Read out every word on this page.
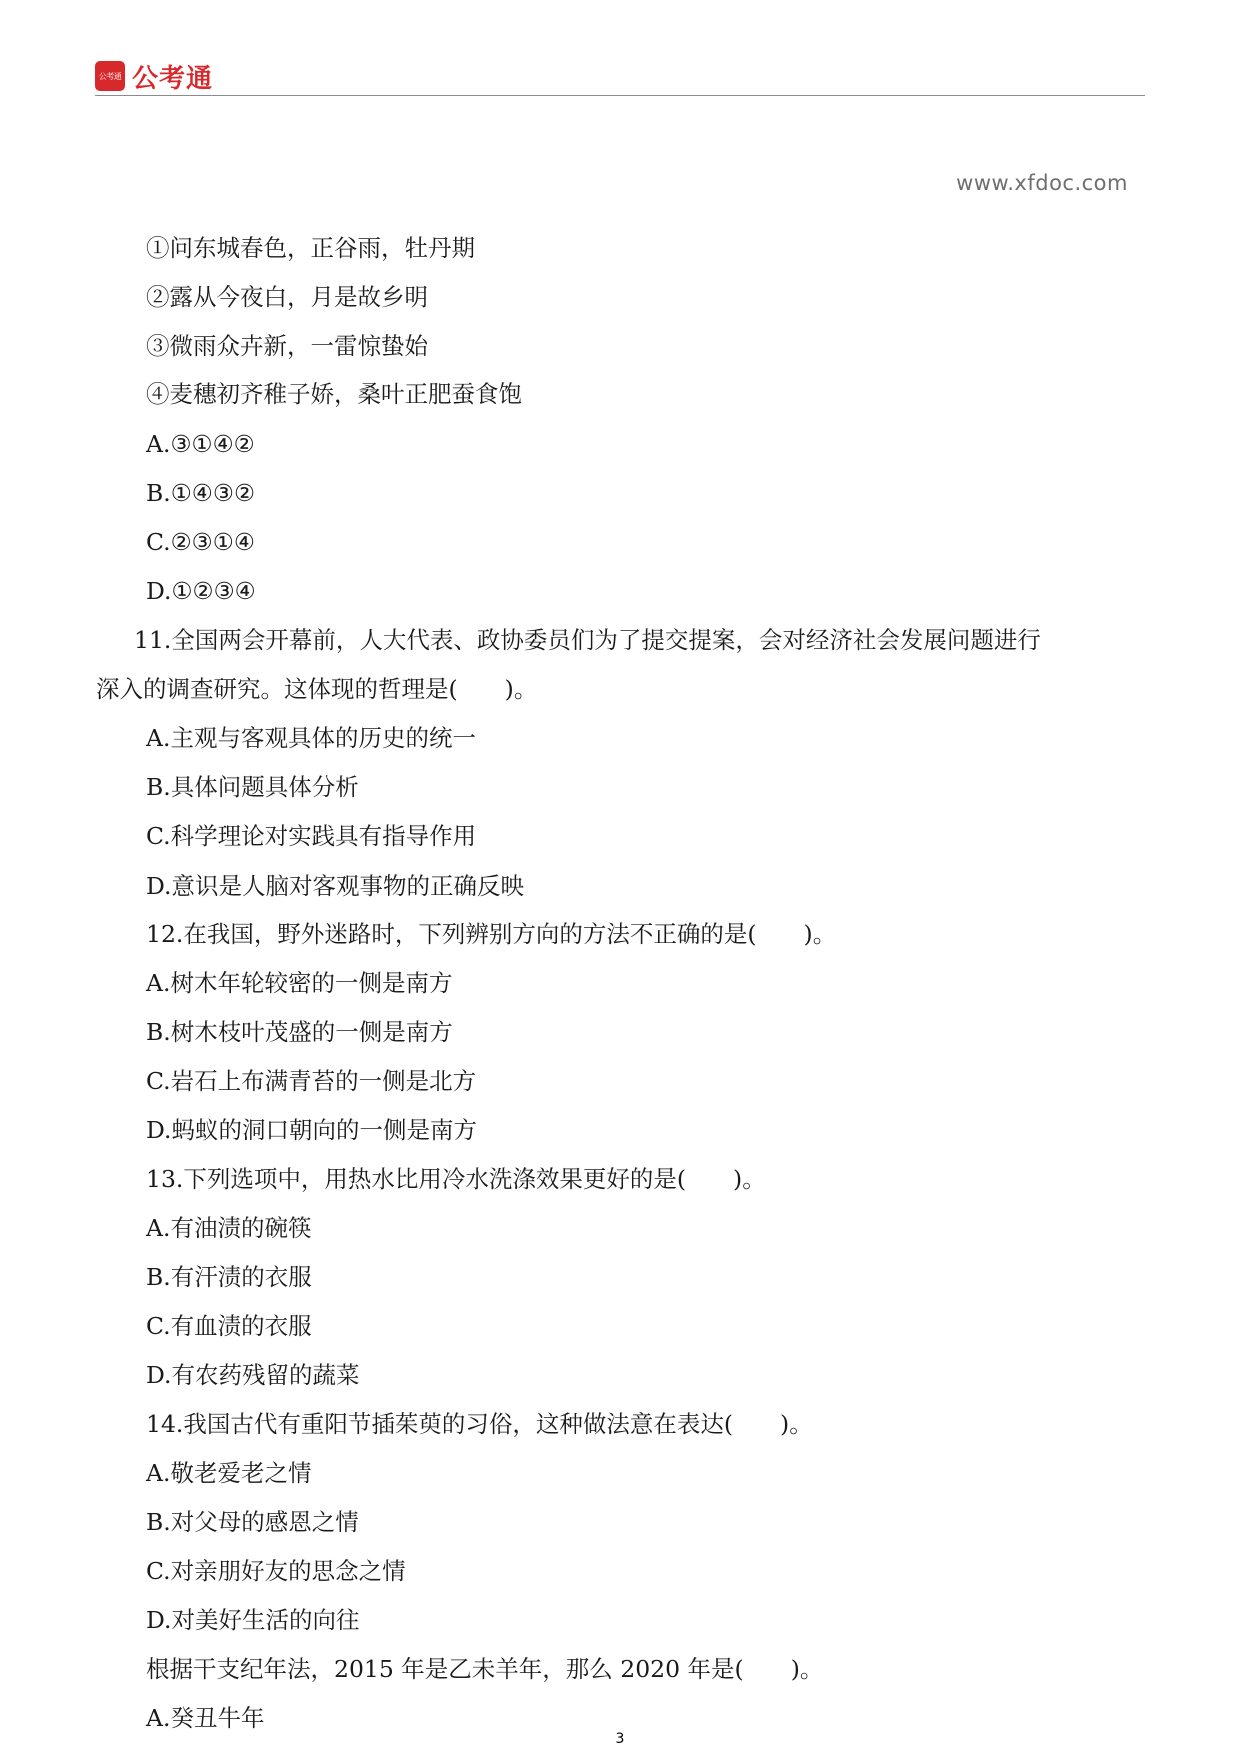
公考通 公考通
www.xfdoc.com
①问东城春色，正谷雨，牡丹期
②露从今夜白，月是故乡明
③微雨众卉新，一雷惊蛰始
④麦穗初齐稚子娇，桑叶正肥蚕食饱
A.③①④②
B.①④③②
C.②③①④
D.①②③④
11.全国两会开幕前，人大代表、政协委员们为了提交提案，会对经济社会发展问题进行
深入的调查研究。这体现的哲理是(　　)。
A.主观与客观具体的历史的统一
B.具体问题具体分析
C.科学理论对实践具有指导作用
D.意识是人脑对客观事物的正确反映
12.在我国，野外迷路时，下列辨别方向的方法不正确的是(　　)。
A.树木年轮较密的一侧是南方
B.树木枝叶茂盛的一侧是南方
C.岩石上布满青苔的一侧是北方
D.蚂蚁的洞口朝向的一侧是南方
13.下列选项中，用热水比用冷水洗涤效果更好的是(　　)。
A.有油渍的碗筷
B.有汗渍的衣服
C.有血渍的衣服
D.有农药残留的蔬菜
14.我国古代有重阳节插茱萸的习俗，这种做法意在表达(　　)。
A.敬老爱老之情
B.对父母的感恩之情
C.对亲朋好友的思念之情
D.对美好生活的向往
根据干支纪年法，2015 年是乙未羊年，那么 2020 年是(　　)。
A.癸丑牛年
3
